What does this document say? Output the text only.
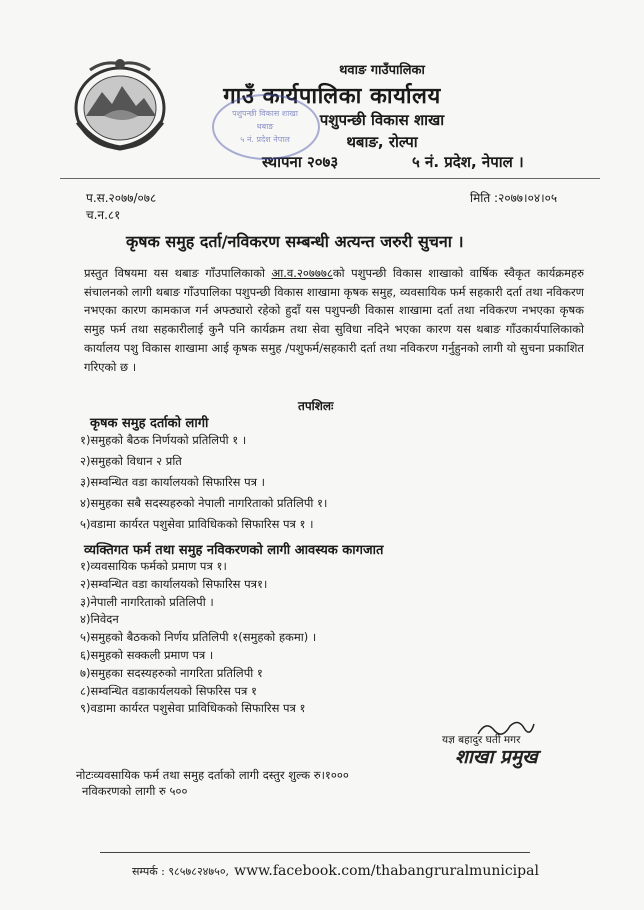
थवाङ गाउँपालिका
गाउँ कार्यपालिका कार्यालय
पशुपन्छी विकास शाखा
थबाङ, रोल्पा
स्थापना २०७३	५ नं. प्रदेश, नेपाल ।
पशुपन्छी विकास शाखा
थबाङ
५ नं. प्रदेश नेपाल
प.स.२०७७/०७८
च.न.८१
मिति :२०७७।०४।०५
कृषक समुह दर्ता/नविकरण सम्बन्धी अत्यन्त जरुरी सुचना ।
प्रस्तुत विषयमा यस थबाङ गाँउपालिकाको आ.व.२०७७७८को पशुपन्छी विकास शाखाको वार्षिक स्वैकृत कार्यक्रमहरु संचालनको लागी थबाङ गाँउपालिका पशुपन्छी विकास शाखामा कृषक समुह, व्यवसायिक फर्म सहकारी दर्ता तथा नविकरण नभएका कारण कामकाज गर्न अफ्ठ्यारो रहेको हुदाँ यस पशुपन्छी विकास शाखामा दर्ता तथा नविकरण नभएका कृषक समुह फर्म तथा सहकारीलाई कुनै पनि कार्यक्रम तथा सेवा सुविधा नदिने भएका कारण यस थबाङ गाँउकार्यपालिकाको कार्यालय पशु विकास शाखामा आई कृषक समुह /पशुफर्म/सहकारी दर्ता तथा नविकरण गर्नुहुनको लागी यो सुचना प्रकाशित गरिएको छ ।
तपशिलः
कृषक समुह दर्ताको लागी
१)समुहको बैठक निर्णयको प्रतिलिपी १ ।
२)समुहको विधान २ प्रति
३)सम्वन्धित वडा कार्यालयको सिफारिस पत्र ।
४)समुहका सबै सदस्यहरुको नेपाली नागरिताको प्रतिलिपी १।
५)वडामा कार्यरत पशुसेवा प्राविधिकको सिफारिस पत्र १ ।
व्यक्तिगत फर्म तथा समुह नविकरणको लागी आवस्यक कागजात
१)व्यवसायिक फर्मको प्रमाण पत्र १।
२)सम्वन्धित वडा कार्यालयको सिफारिस पत्र१।
३)नेपाली नागरिताको प्रतिलिपी ।
४)निवेदन
५)समुहको बैठकको निर्णय प्रतिलिपी १(समुहको हकमा) ।
६)समुहको सक्कली प्रमाण पत्र ।
७)समुहका सदस्यहरुको नागरिता प्रतिलिपी १
८)सम्वन्धित वडाकार्यलयको सिफरिस पत्र १
९)वडामा कार्यरत पशुसेवा प्राविधिकको सिफारिस पत्र १
यज्ञ बहादुर घर्ती मगर
शाखा प्रमुख
नोटःव्यवसायिक फर्म तथा समुह दर्ताको लागी दस्तुर शुल्क रु।१०००
नविकरणको लागी रु ५००
सम्पर्क : ९८५७८२४७५०, www.facebook.com/thabangruralmunicipal
